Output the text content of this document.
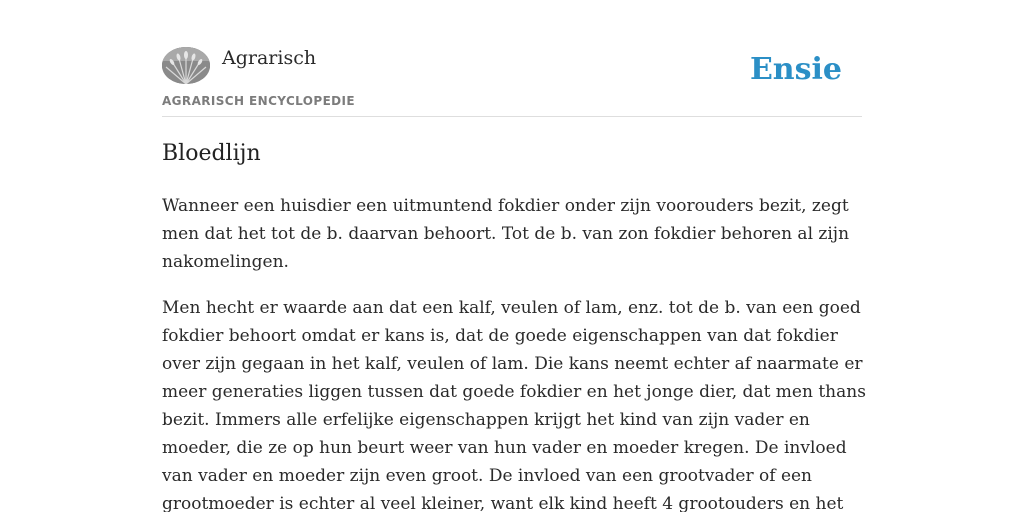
Agrarisch
AGRARISCH ENCYCLOPEDIE
Ensie
Bloedlijn

Wanneer een huisdier een uitmuntend fokdier onder zijn voorouders bezit, zegt
men dat het tot de b. daarvan behoort. Tot de b. van zon fokdier behoren al zijn
nakomelingen.

Men hecht er waarde aan dat een kalf, veulen of lam, enz. tot de b. van een goed
fokdier behoort omdat er kans is, dat de goede eigenschappen van dat fokdier
over zijn gegaan in het kalf, veulen of lam. Die kans neemt echter af naarmate er
meer generaties liggen tussen dat goede fokdier en het jonge dier, dat men thans
bezit. Immers alle erfelijke eigenschappen krijgt het kind van zijn vader en
moeder, die ze op hun beurt weer van hun vader en moeder kregen. De invloed
van vader en moeder zijn even groot. De invloed van een grootvader of een
grootmoeder is echter al veel kleiner, want elk kind heeft 4 grootouders en het
